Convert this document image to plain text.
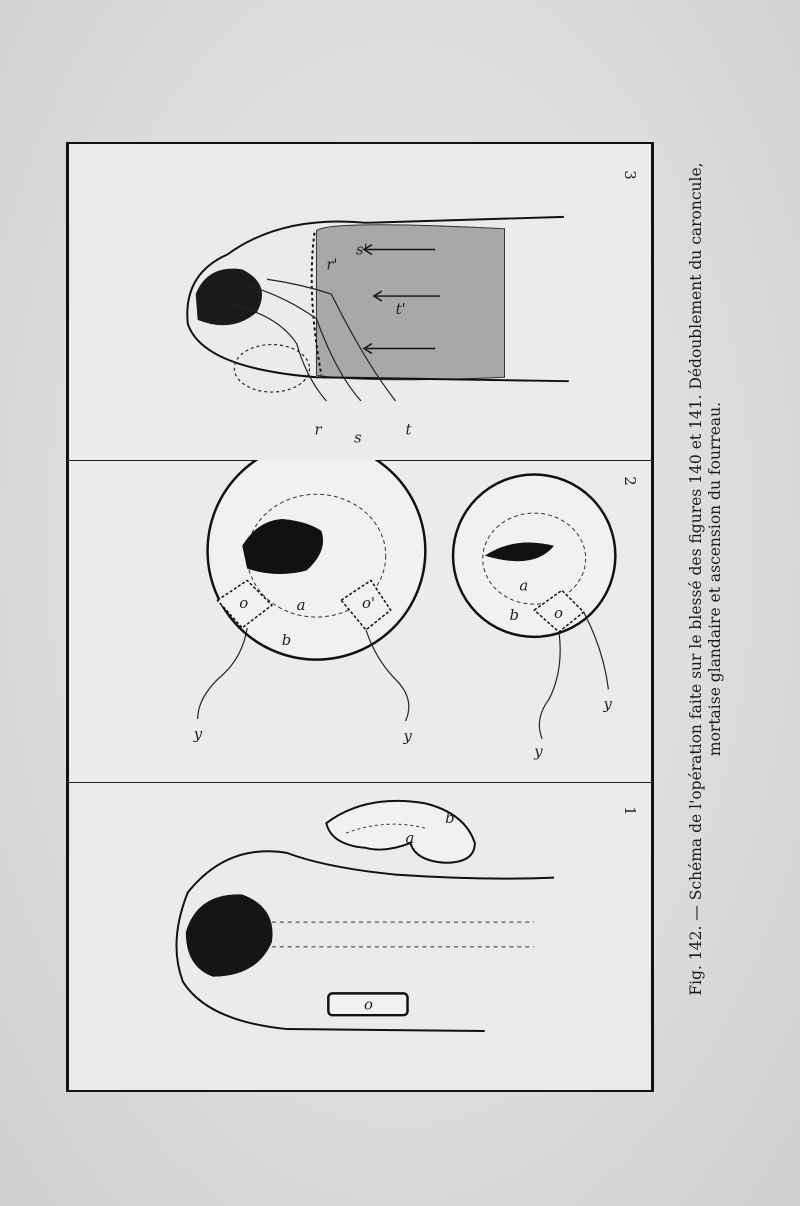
r s	t
r'
s'
t'
3
a
b
o	o'
y	y
a
b o
y
y
2
a
b
o
1	Fig. 142. — Schéma de l'opération faite sur le blessé des figures 140 et 141. Dédoublement du caroncule, mortaise glandaire et ascension du fourreau.
